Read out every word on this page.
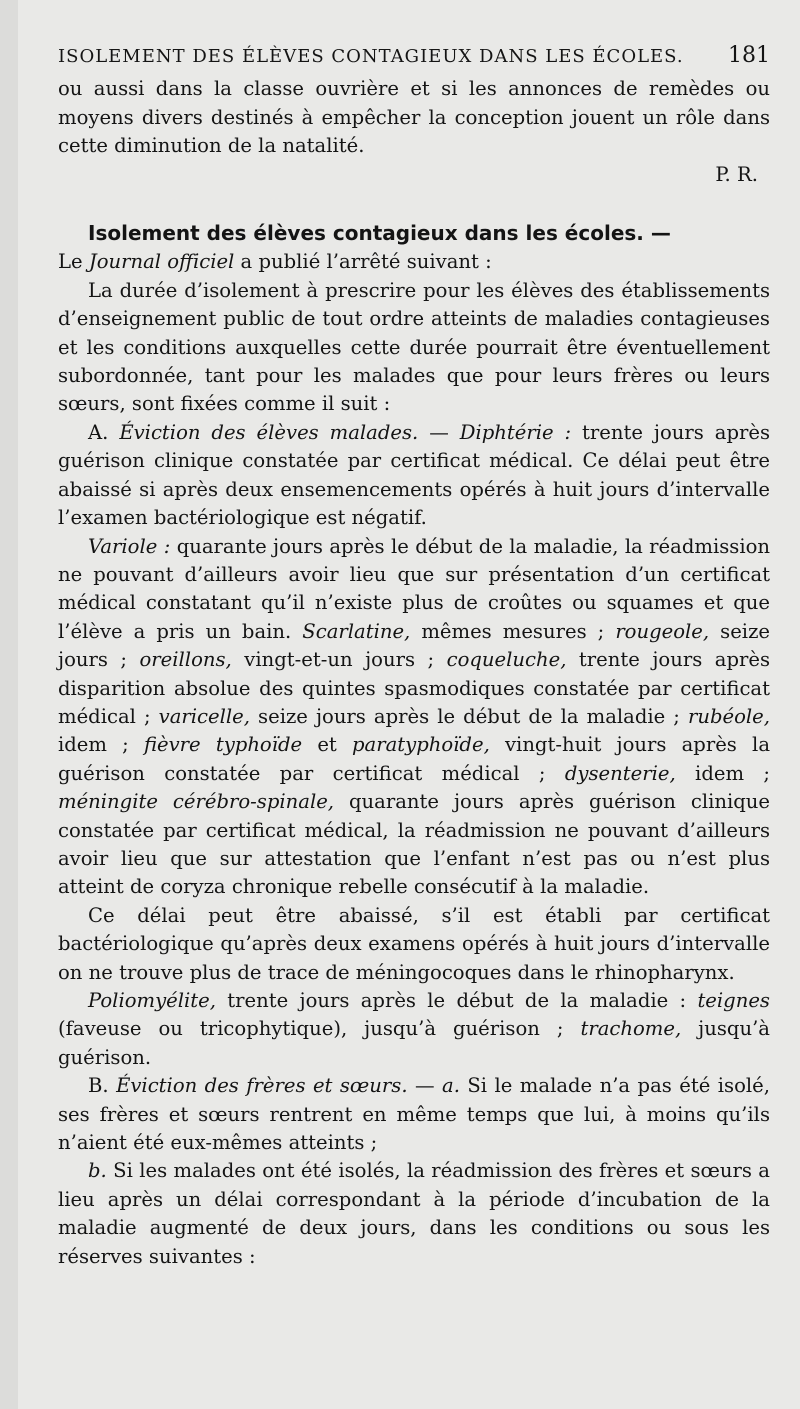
ISOLEMENT DES ÉLÈVES CONTAGIEUX DANS LES ÉCOLES. 181

ou aussi dans la classe ouvrière et si les annonces de remèdes ou moyens divers destinés à empêcher la conception jouent un rôle dans cette diminution de la natalité.

P. R.

Isolement des élèves contagieux dans les écoles. —

Le Journal officiel a publié l’arrêté suivant :

La durée d’isolement à prescrire pour les élèves des établissements d’enseignement public de tout ordre atteints de maladies contagieuses et les conditions auxquelles cette durée pourrait être éventuellement subordonnée, tant pour les malades que pour leurs frères ou leurs sœurs, sont fixées comme il suit :

A. Éviction des élèves malades. — Diphtérie : trente jours après guérison clinique constatée par certificat médical. Ce délai peut être abaissé si après deux ensemencements opérés à huit jours d’intervalle l’examen bactériologique est négatif.

Variole : quarante jours après le début de la maladie, la réadmission ne pouvant d’ailleurs avoir lieu que sur présentation d’un certificat médical constatant qu’il n’existe plus de croûtes ou squames et que l’élève a pris un bain. Scarlatine, mêmes mesures ; rougeole, seize jours ; oreillons, vingt-et-un jours ; coqueluche, trente jours après disparition absolue des quintes spasmodiques constatée par certificat médical ; varicelle, seize jours après le début de la maladie ; rubéole, idem ; fièvre typhoïde et paratyphoïde, vingt-huit jours après la guérison constatée par certificat médical ; dysenterie, idem ; méningite cérébro-spinale, quarante jours après guérison clinique constatée par certificat médical, la réadmission ne pouvant d’ailleurs avoir lieu que sur attestation que l’enfant n’est pas ou n’est plus atteint de coryza chronique rebelle consécutif à la maladie.

Ce délai peut être abaissé, s’il est établi par certificat bactériologique qu’après deux examens opérés à huit jours d’intervalle on ne trouve plus de trace de méningocoques dans le rhinopharynx.

Poliomyélite, trente jours après le début de la maladie : teignes (faveuse ou tricophytique), jusqu’à guérison ; trachome, jusqu’à guérison.

B. Éviction des frères et sœurs. — a. Si le malade n’a pas été isolé, ses frères et sœurs rentrent en même temps que lui, à moins qu’ils n’aient été eux-mêmes atteints ;

b. Si les malades ont été isolés, la réadmission des frères et sœurs a lieu après un délai correspondant à la période d’incubation de la maladie augmenté de deux jours, dans les conditions ou sous les réserves suivantes :
